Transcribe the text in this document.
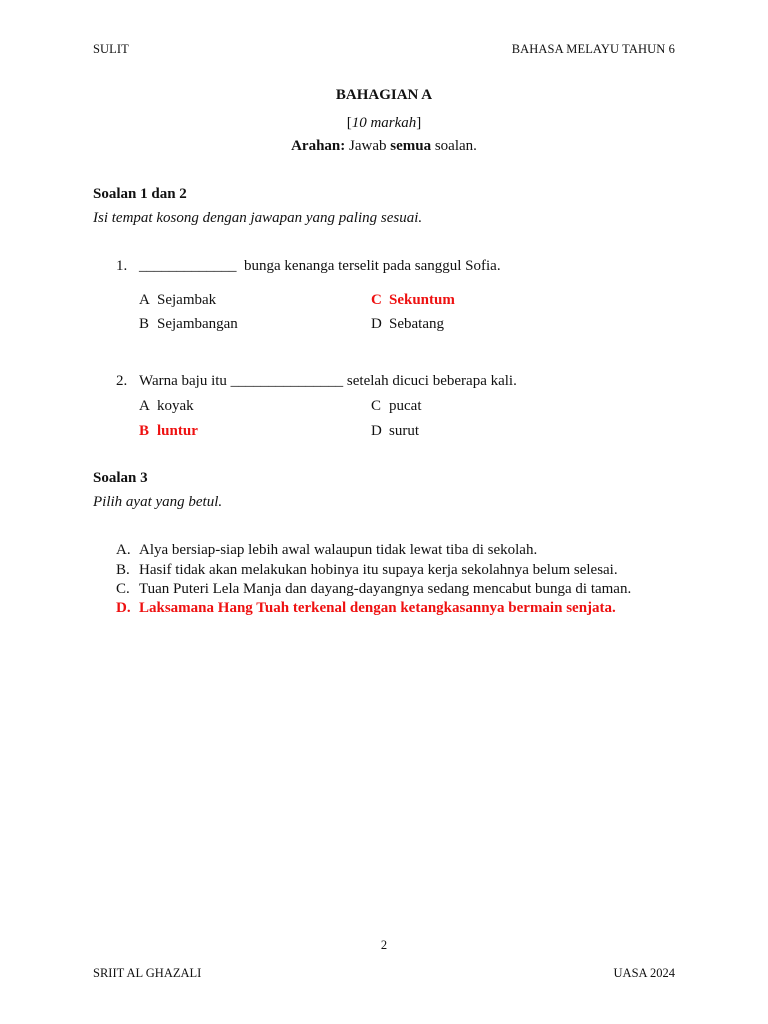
SULIT	BAHASA MELAYU TAHUN 6
BAHAGIAN A
[10 markah]
Arahan: Jawab semua soalan.
Soalan 1 dan 2
Isi tempat kosong dengan jawapan yang paling sesuai.
1. _____________  bunga kenanga terselit pada sanggul Sofia.
A Sejambak	C Sekuntum
B Sejambangan	D Sebatang
2. Warna baju itu _______________ setelah dicuci beberapa kali.
A koyak	C pucat
B luntur	D surut
Soalan 3
Pilih ayat yang betul.
A. Alya bersiap-siap lebih awal walaupun tidak lewat tiba di sekolah.
B. Hasif tidak akan melakukan hobinya itu supaya kerja sekolahnya belum selesai.
C. Tuan Puteri Lela Manja dan dayang-dayangnya sedang mencabut bunga di taman.
D. Laksamana Hang Tuah terkenal dengan ketangkasannya bermain senjata.
2
SRIIT AL GHAZALI	UASA 2024
